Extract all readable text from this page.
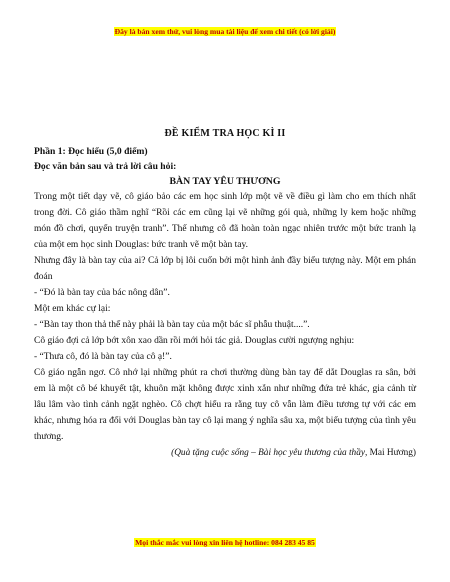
Đây là bản xem thử, vui lòng mua tài liệu để xem chi tiết (có lời giải)
ĐỀ KIỂM TRA HỌC KÌ II
Phần 1: Đọc hiểu (5,0 điểm)
Đọc văn bản sau và trả lời câu hỏi:
BÀN TAY YÊU THƯƠNG

Trong một tiết dạy vẽ, cô giáo bảo các em học sinh lớp một vẽ về điều gì làm cho em thích nhất trong đời. Cô giáo thầm nghĩ “Rồi các em cũng lại vẽ những gói quà, những ly kem hoặc những món đồ chơi, quyển truyện tranh”. Thế nhưng cô đã hoàn toàn ngạc nhiên trước một bức tranh lạ của một em học sinh Douglas: bức tranh vẽ một bàn tay.

Nhưng đây là bàn tay của ai? Cả lớp bị lôi cuốn bởi một hình ảnh đầy biểu tượng này. Một em phán đoán

- “Đó là bàn tay của bác nông dân”.

Một em khác cự lại:

- “Bàn tay thon thả thế này phải là bàn tay của một bác sĩ phẫu thuật....”.

Cô giáo đợi cả lớp bớt xôn xao dần rồi mới hỏi tác giả. Douglas cười ngượng nghịu:

- “Thưa cô, đó là bàn tay của cô ạ!”.

Cô giáo ngẫn ngơ. Cô nhớ lại những phút ra chơi thường dùng bàn tay để dắt Douglas ra sân, bởi em là một cô bé khuyết tật, khuôn mặt không được xinh xắn như những đứa trẻ khác, gia cảnh từ lâu lâm vào tình cảnh ngặt nghèo. Cô chợt hiểu ra rằng tuy cô vẫn làm điều tương tự với các em khác, nhưng hóa ra đối với Douglas bàn tay cô lại mang ý nghĩa sâu xa, một biểu tượng của tình yêu thương.

(Quà tặng cuộc sống – Bài học yêu thương của thầy, Mai Hương)
Mọi thắc mắc vui lòng xin liên hệ hotline: 084 283 45 85
